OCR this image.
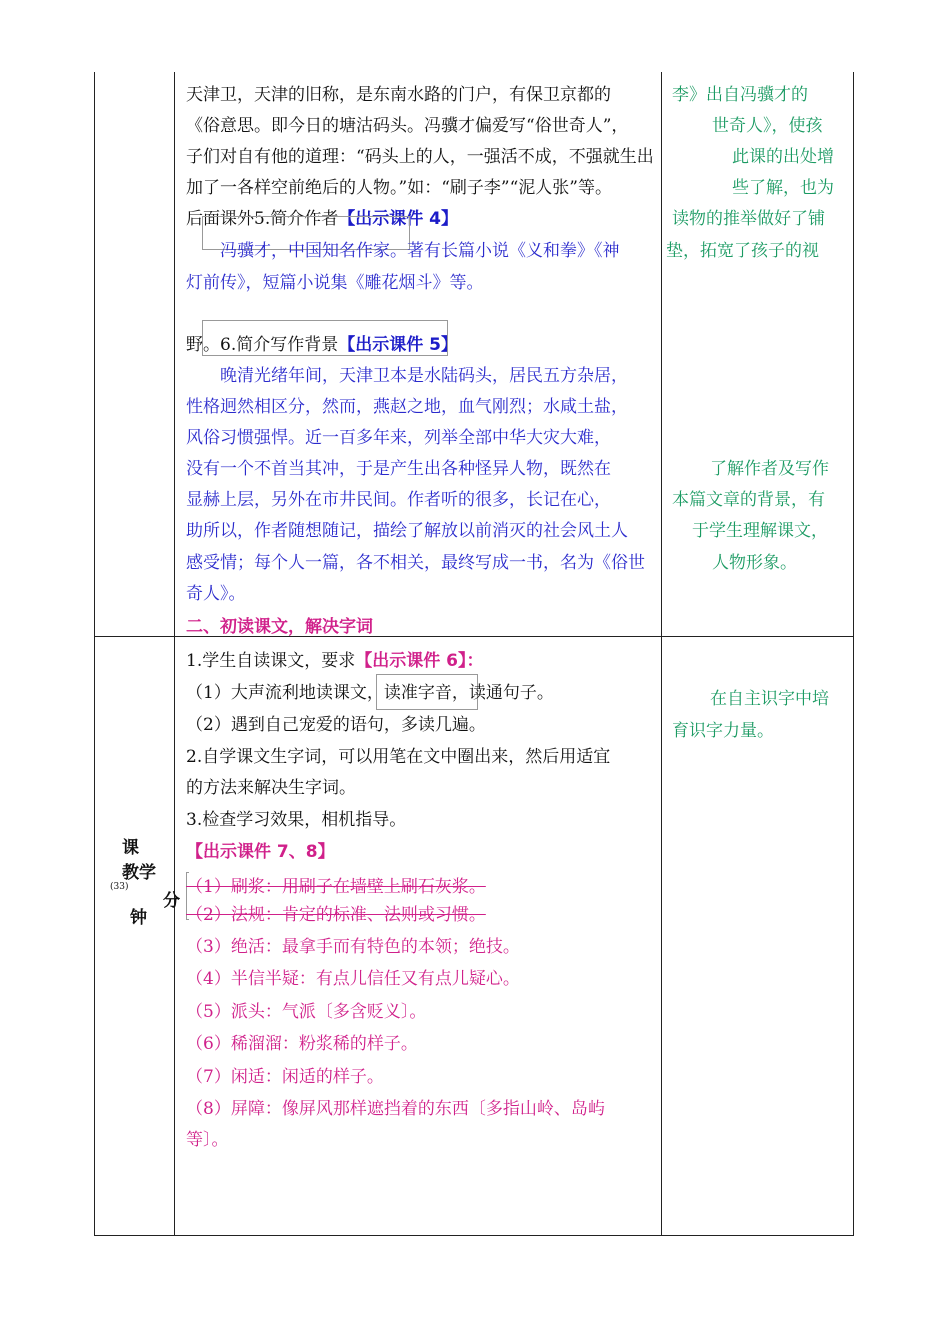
天津卫，天津的旧称，是东南水路的门户，有保卫京都的
《俗意思。即今日的塘沽码头。冯骥才偏爱写“俗世奇人”，
子们对自有他的道理：“码头上的人，一强活不成，不强就生出
加了一各样空前绝后的人物。”如：“刷子李”“泥人张”等。
后面课外5.简介作者【出示课件 4】
冯骥才，中国知名作家。著有长篇小说《义和拳》《神
灯前传》，短篇小说集《雕花烟斗》等。
野。6.简介写作背景【出示课件 5】
晚清光绪年间，天津卫本是水陆码头，居民五方杂居，
性格迥然相区分，然而，燕赵之地，血气刚烈；水咸土盐，
风俗习惯强悍。近一百多年来，列举全部中华大灾大难，
没有一个不首当其冲，于是产生出各种怪异人物，既然在
显赫上层，另外在市井民间。作者听的很多，长记在心，
助所以，作者随想随记，描绘了解放以前消灭的社会风土人
感受情；每个人一篇，各不相关，最终写成一书，名为《俗世
奇人》。
二、初读课文，解决字词
李》出自冯骥才的
世奇人》，使孩
此课的出处增
些了解，也为
读物的推举做好了铺
垫，拓宽了孩子的视
了解作者及写作
本篇文章的背景，有
于学生理解课文，
人物形象。
课
教学
(33)
分
钟
1.学生自读课文，要求【出示课件 6】：
（1）大声流利地读课文，读准字音，读通句子。
（2）遇到自己宠爱的语句，多读几遍。
2.自学课文生字词，可以用笔在文中圈出来，然后用适宜
的方法来解决生字词。
3.检查学习效果，相机指导。
【出示课件 7、8】
（1）刷浆：用刷子在墙壁上刷石灰浆。
（2）法规：肯定的标准、法则或习惯。
（3）绝活：最拿手而有特色的本领；绝技。
（4）半信半疑：有点儿信任又有点儿疑心。
（5）派头：气派〔多含贬义〕。
（6）稀溜溜：粉浆稀的样子。
（7）闲适：闲适的样子。
（8）屏障：像屏风那样遮挡着的东西〔多指山岭、岛屿
等〕。
在自主识字中培
育识字力量。
